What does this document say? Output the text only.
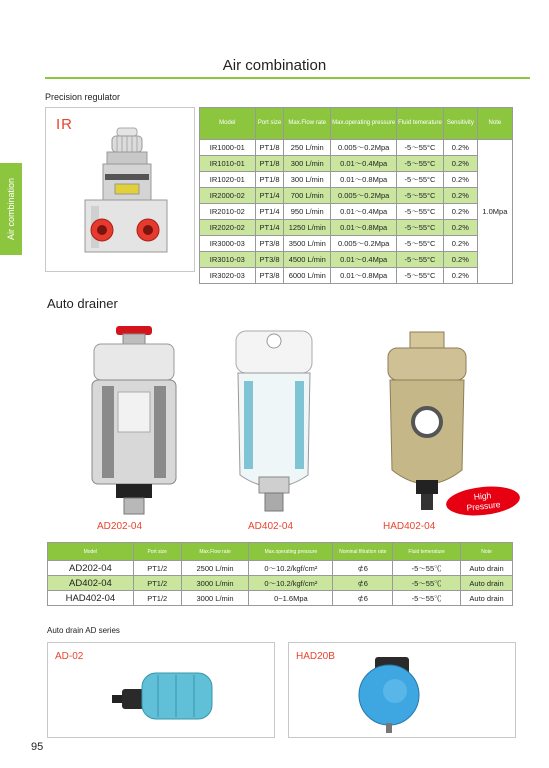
Air combination
Air combination
Precision regulator
IR	Model	Port size	Max.Flow rate	Max.operating pressure	Fluid temerature	Sensitivity	Note
IR1000-01	PT1/8	250 L/min	0.005～0.2Mpa	-5～55°C	0.2%	1.0Mpa
IR1010-01	PT1/8	300 L/min	0.01～0.4Mpa	-5～55°C	0.2%	
IR1020-01	PT1/8	300 L/min	0.01～0.8Mpa	-5～55°C	0.2%	
IR2000-02	PT1/4	700 L/min	0.005～0.2Mpa	-5～55°C	0.2%	
IR2010-02	PT1/4	950 L/min	0.01～0.4Mpa	-5～55°C	0.2%	
IR2020-02	PT1/4	1250 L/min	0.01～0.8Mpa	-5～55°C	0.2%	
IR3000-03	PT3/8	3500 L/min	0.005～0.2Mpa	-5～55°C	0.2%	
IR3010-03	PT3/8	4500 L/min	0.01～0.4Mpa	-5～55°C	0.2%	
IR3020-03	PT3/8	6000 L/min	0.01～0.8Mpa	-5～55°C	0.2%	
Auto drainer
AD202-04	AD402-04	HAD402-04
High
Pressure
Model	Port size	Max.Flow rate	Max.operating pressure	Nominal filtration rate	Fluid temerature	Note
AD202-04	PT1/2	2500 L/min	0～10.2/kgf/cm²	⊄6	-5～55℃	Auto drain
AD402-04	PT1/2	3000 L/min	0～10.2/kgf/cm²	⊄6	-5～55℃	Auto drain
HAD402-04	PT1/2	3000 L/min	0~1.6Mpa	⊄6	-5～55℃	Auto drain
Auto drain AD series
AD-02	HAD20B
95
